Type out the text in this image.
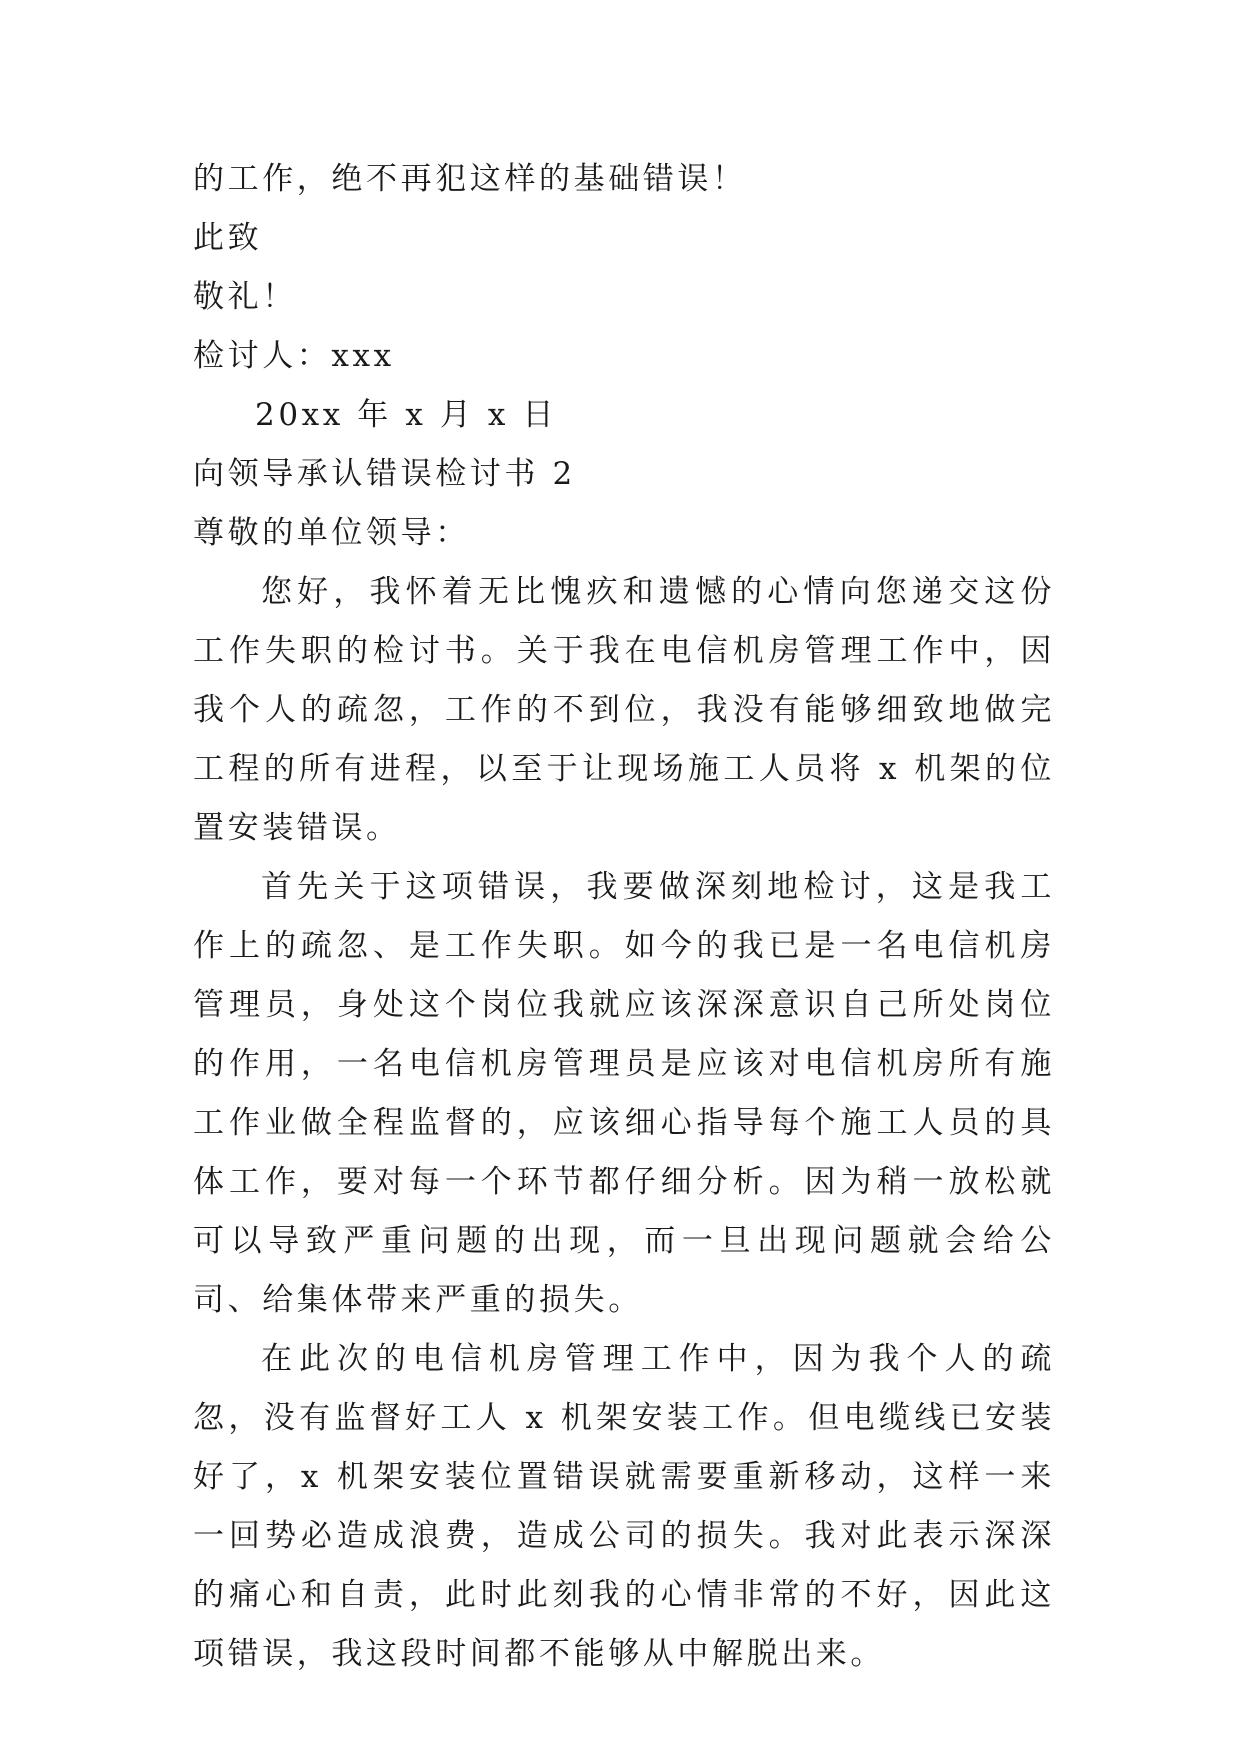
的工作，绝不再犯这样的基础错误！
此致
敬礼！
检讨人：xxx
20xx 年 x 月 x 日
向领导承认错误检讨书 2
尊敬的单位领导：

您好，我怀着无比愧疚和遗憾的心情向您递交这份工作失职的检讨书。关于我在电信机房管理工作中，因我个人的疏忽，工作的不到位，我没有能够细致地做完工程的所有进程，以至于让现场施工人员将 x 机架的位置安装错误。

首先关于这项错误，我要做深刻地检讨，这是我工作上的疏忽、是工作失职。如今的我已是一名电信机房管理员，身处这个岗位我就应该深深意识自己所处岗位的作用，一名电信机房管理员是应该对电信机房所有施工作业做全程监督的，应该细心指导每个施工人员的具体工作，要对每一个环节都仔细分析。因为稍一放松就可以导致严重问题的出现，而一旦出现问题就会给公司、给集体带来严重的损失。

在此次的电信机房管理工作中，因为我个人的疏忽，没有监督好工人 x 机架安装工作。但电缆线已安装好了，x 机架安装位置错误就需要重新移动，这样一来一回势必造成浪费，造成公司的损失。我对此表示深深的痛心和自责，此时此刻我的心情非常的不好，因此这项错误，我这段时间都不能够从中解脱出来。
